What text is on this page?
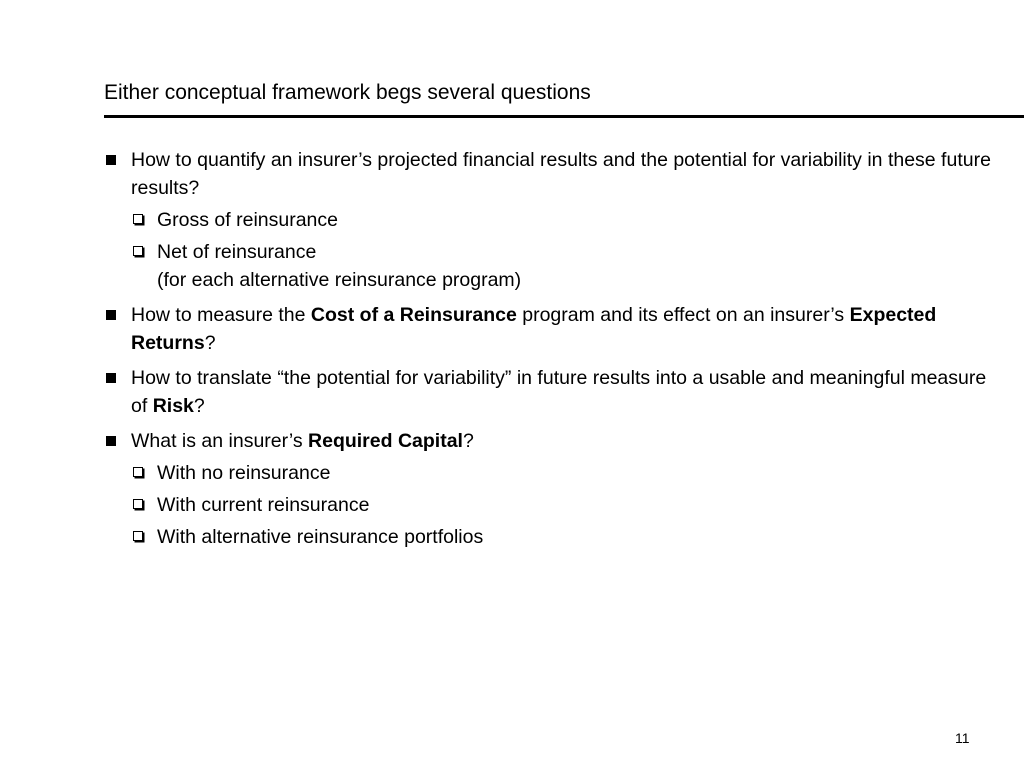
Either conceptual framework begs several questions
How to quantify an insurer’s projected financial results and the potential for variability in these future results?
Gross of reinsurance
Net of reinsurance
(for each alternative reinsurance program)
How to measure the Cost of a Reinsurance program and its effect on an insurer’s Expected Returns?
How to translate “the potential for variability” in future results into a usable and meaningful measure of Risk?
What is an insurer’s Required Capital?
With no reinsurance
With current reinsurance
With alternative reinsurance portfolios
11
